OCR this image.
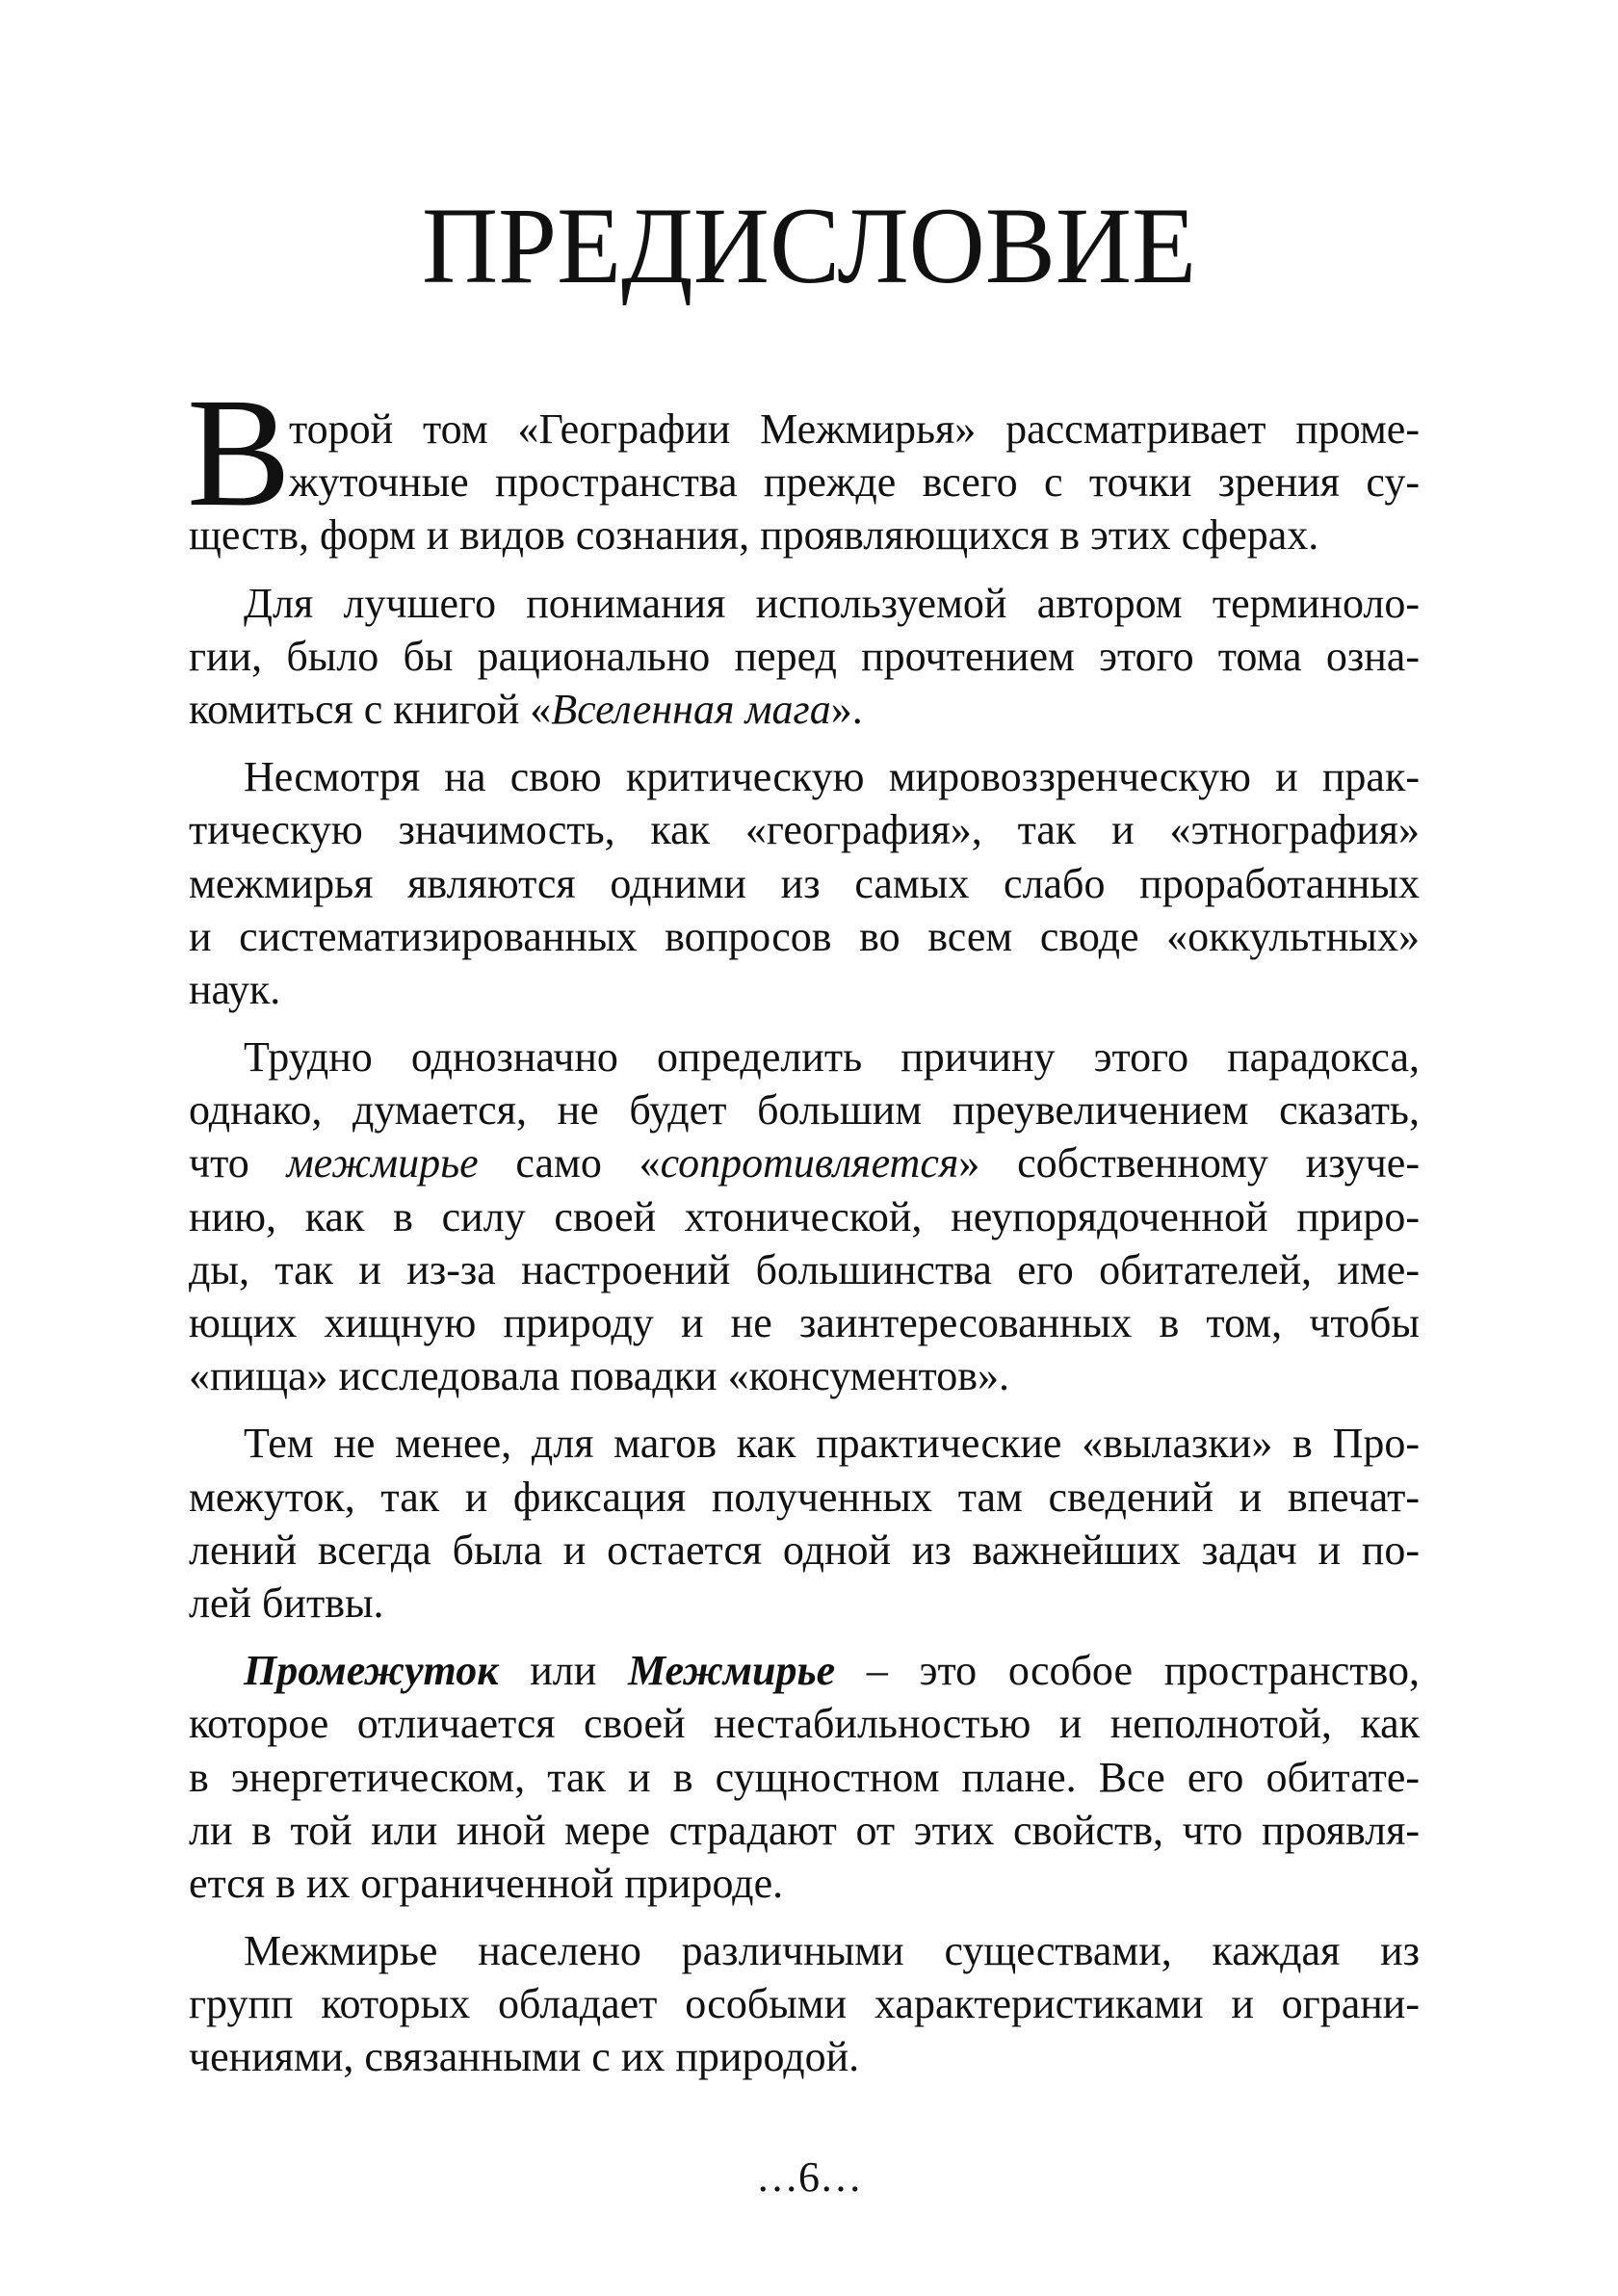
ПРЕДИСЛОВИЕ
В
торой том «Географии Межмирья» рассматривает проме-
жуточные пространства прежде всего с точки зрения су-
ществ, форм и видов сознания, проявляющихся в этих сферах.
Для лучшего понимания используемой автором терминоло-
гии, было бы рационально перед прочтением этого тома озна-
комиться с книгой «Вселенная мага».
Несмотря на свою критическую мировоззренческую и прак-
тическую значимость, как «география», так и «этнография»
межмирья являются одними из самых слабо проработанных
и систематизированных вопросов во всем своде «оккультных»
наук.
Трудно однозначно определить причину этого парадокса,
однако, думается, не будет большим преувеличением сказать,
что межмирье само «сопротивляется» собственному изуче-
нию, как в силу своей хтонической, неупорядоченной приро-
ды, так и из-за настроений большинства его обитателей, име-
ющих хищную природу и не заинтересованных в том, чтобы
«пища» исследовала повадки «консументов».
Тем не менее, для магов как практические «вылазки» в Про-
межуток, так и фиксация полученных там сведений и впечат-
лений всегда была и остается одной из важнейших задач и по-
лей битвы.
Промежуток или Межмирье – это особое пространство,
которое отличается своей нестабильностью и неполнотой, как
в энергетическом, так и в сущностном плане. Все его обитате-
ли в той или иной мере страдают от этих свойств, что проявля-
ется в их ограниченной природе.
Межмирье населено различными существами, каждая из
групп которых обладает особыми характеристиками и ограни-
чениями, связанными с их природой.
…6…
